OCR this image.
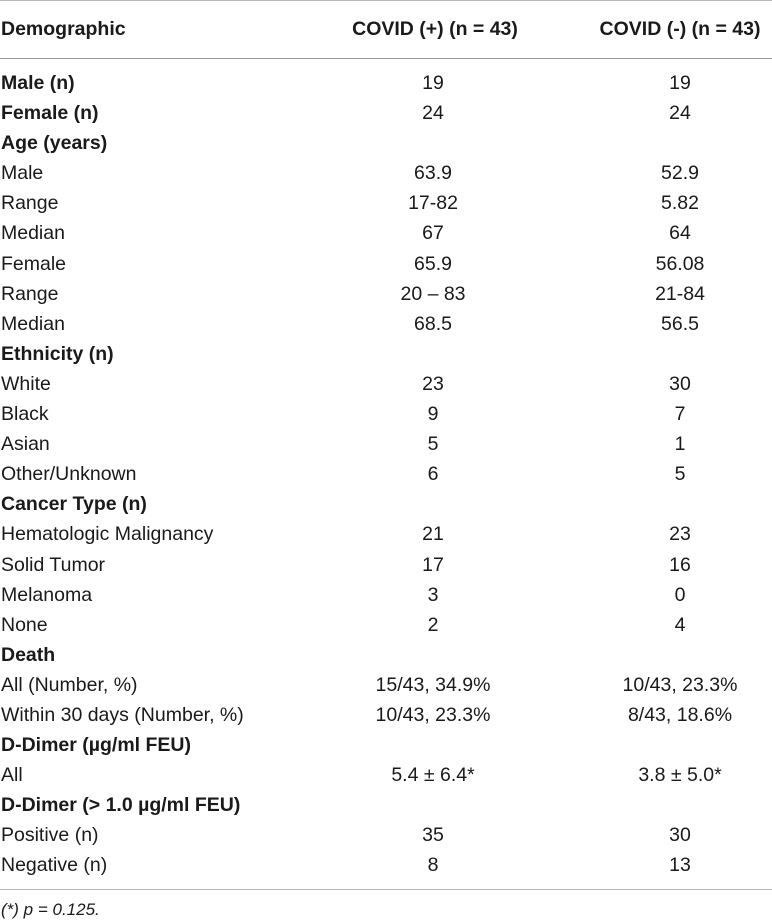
Demographic	COVID (+) (n = 43)	COVID (-) (n = 43)
Male (n)	19	19
Female (n)	24	24
Age (years)
Male	63.9	52.9
Range	17-82	5.82
Median	67	64
Female	65.9	56.08
Range	20 – 83	21-84
Median	68.5	56.5
Ethnicity (n)
White	23	30
Black	9	7
Asian	5	1
Other/Unknown	6	5
Cancer Type (n)
Hematologic Malignancy	21	23
Solid Tumor	17	16
Melanoma	3	0
None	2	4
Death
All (Number, %)	15/43, 34.9%	10/43, 23.3%
Within 30 days (Number, %)	10/43, 23.3%	8/43, 18.6%
D-Dimer (µg/ml FEU)
All	5.4 ± 6.4*	3.8 ± 5.0*
D-Dimer (> 1.0 µg/ml FEU)
Positive (n)	35	30
Negative (n)	8	13
(*) p = 0.125.
